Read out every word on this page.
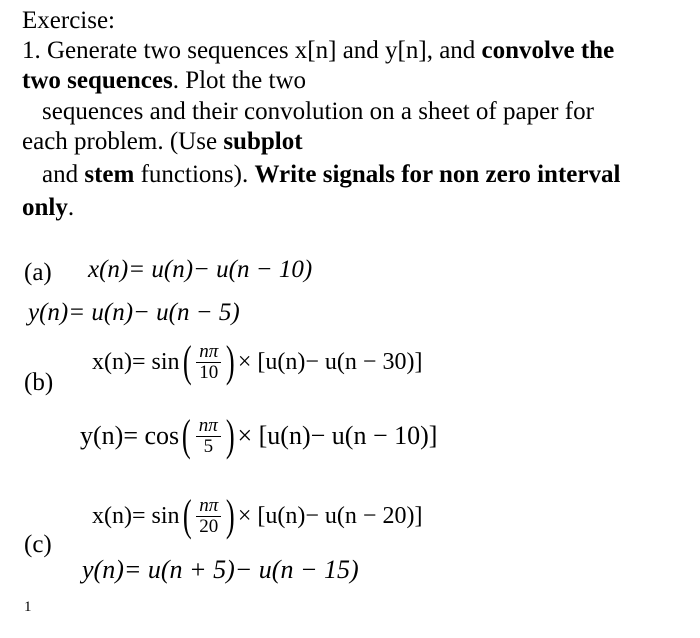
Exercise:
1. Generate two sequences x[n] and y[n], and convolve the
two sequences. Plot the two
sequences and their convolution on a sheet of paper for
each problem. (Use subplot
and stem functions). Write signals for non zero interval
only.
(a) x(n)= u(n)− u(n − 10)
y(n)= u(n)− u(n − 5)
(b)
x(n)= sin ( $\frac{n\pi}{10}$ ) × [u(n)− u(n − 30)]
y(n)= cos ( $\frac{n\pi}{5}$ ) × [u(n)− u(n − 10)]
(c)
x(n)= sin ( $\frac{n\pi}{20}$ ) × [u(n)− u(n − 20)]
y(n)= u(n + 5)− u(n − 15)
1
